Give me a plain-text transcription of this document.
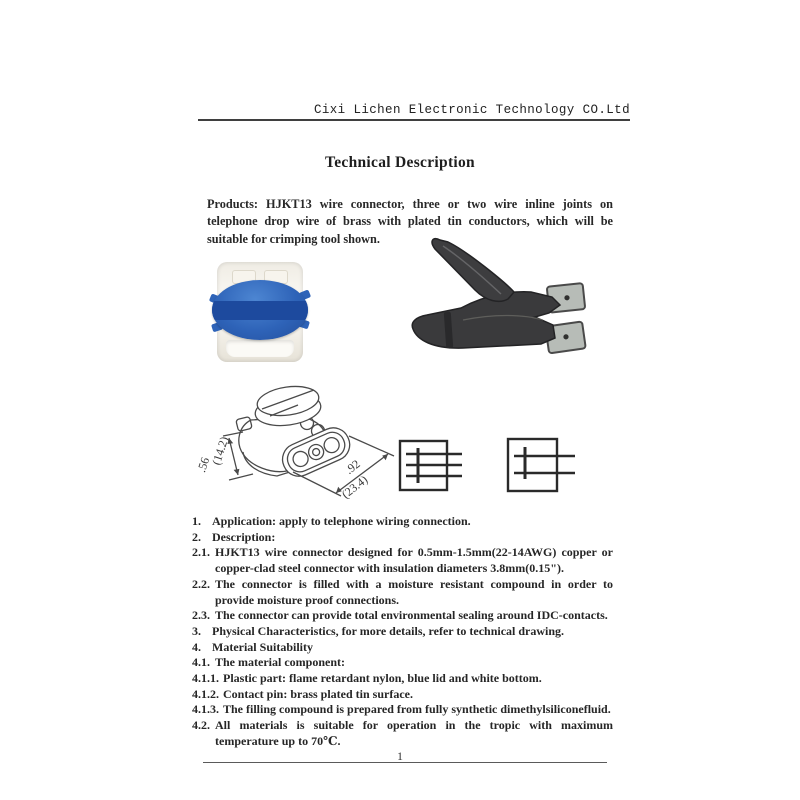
Cixi Lichen Electronic Technology CO.Ltd
Technical Description
Products: HJKT13 wire connector, three or two wire inline joints on telephone drop wire of brass with plated tin conductors, which will be suitable for crimping tool shown.
.56
(14.2)
.92
(23.4)
1. Application: apply to telephone wiring connection.
2. Description:
2.1. HJKT13 wire connector designed for 0.5mm-1.5mm(22-14AWG) copper or copper-clad steel connector with insulation diameters 3.8mm(0.15").
2.2. The connector is filled with a moisture resistant compound in order to provide moisture proof connections.
2.3. The connector can provide total environmental sealing around IDC-contacts.
3. Physical Characteristics, for more details, refer to technical drawing.
4. Material Suitability
4.1. The material component:
4.1.1. Plastic part: flame retardant nylon, blue lid and white bottom.
4.1.2. Contact pin: brass plated tin surface.
4.1.3. The filling compound is prepared from fully synthetic dimethylsiliconefluid.
4.2. All materials is suitable for operation in the tropic with maximum temperature up to 70℃.
1
